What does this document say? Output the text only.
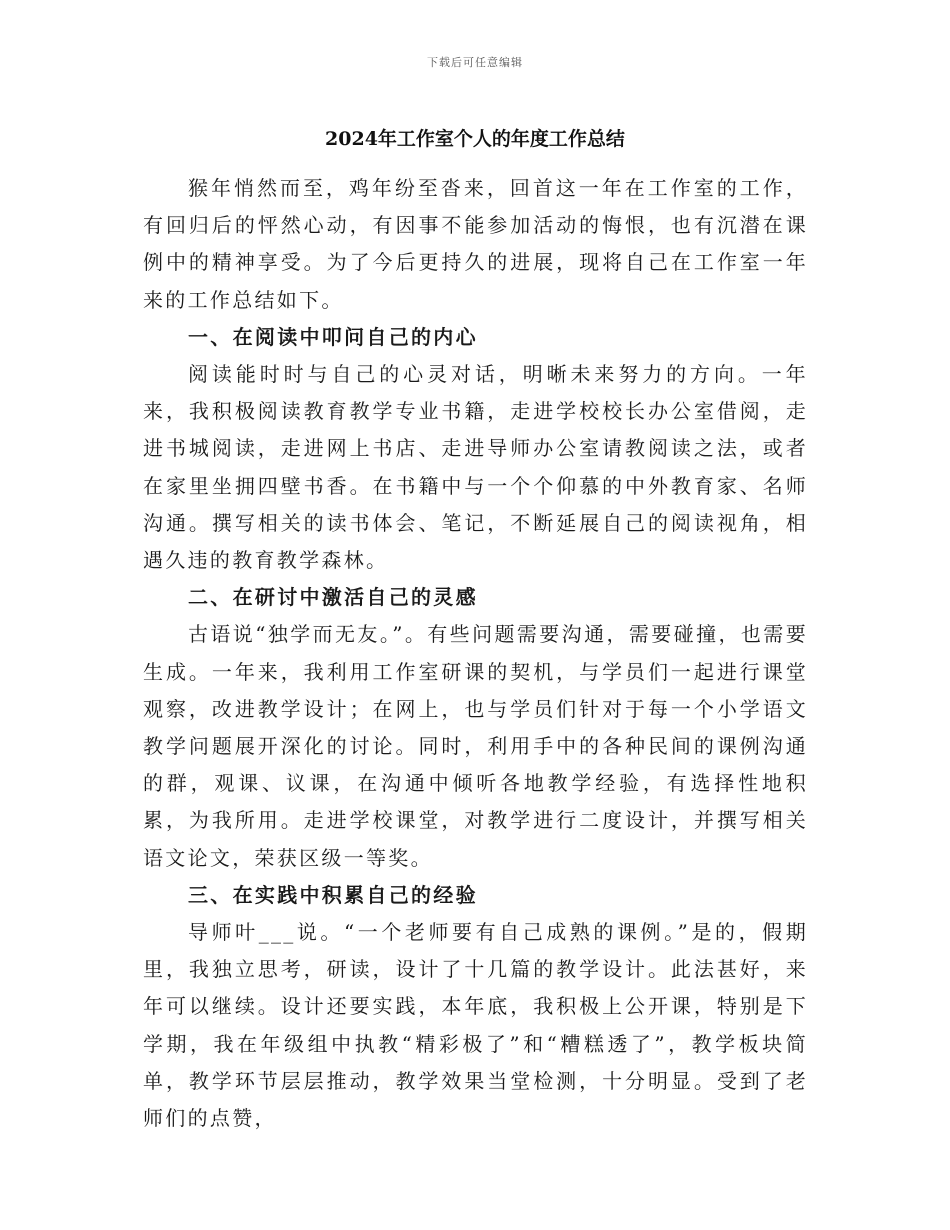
下载后可任意编辑
2024年工作室个人的年度工作总结

猴年悄然而至，鸡年纷至沓来，回首这一年在工作室的工作，有回归后的怦然心动，有因事不能参加活动的悔恨，也有沉潜在课例中的精神享受。为了今后更持久的进展，现将自己在工作室一年来的工作总结如下。

一、在阅读中叩问自己的内心

阅读能时时与自己的心灵对话，明晰未来努力的方向。一年来，我积极阅读教育教学专业书籍，走进学校校长办公室借阅，走进书城阅读，走进网上书店、走进导师办公室请教阅读之法，或者在家里坐拥四壁书香。在书籍中与一个个仰慕的中外教育家、名师沟通。撰写相关的读书体会、笔记，不断延展自己的阅读视角，相遇久违的教育教学森林。

二、在研讨中激活自己的灵感

古语说“独学而无友。”。有些问题需要沟通，需要碰撞，也需要生成。一年来，我利用工作室研课的契机，与学员们一起进行课堂观察，改进教学设计；在网上，也与学员们针对于每一个小学语文教学问题展开深化的讨论。同时，利用手中的各种民间的课例沟通的群，观课、议课，在沟通中倾听各地教学经验，有选择性地积累，为我所用。走进学校课堂，对教学进行二度设计，并撰写相关语文论文，荣获区级一等奖。

三、在实践中积累自己的经验

导师叶___说。“一个老师要有自己成熟的课例。”是的，假期里，我独立思考，研读，设计了十几篇的教学设计。此法甚好，来年可以继续。设计还要实践，本年底，我积极上公开课，特别是下学期，我在年级组中执教“精彩极了”和“糟糕透了”，教学板块简单，教学环节层层推动，教学效果当堂检测，十分明显。受到了老师们的点赞，
